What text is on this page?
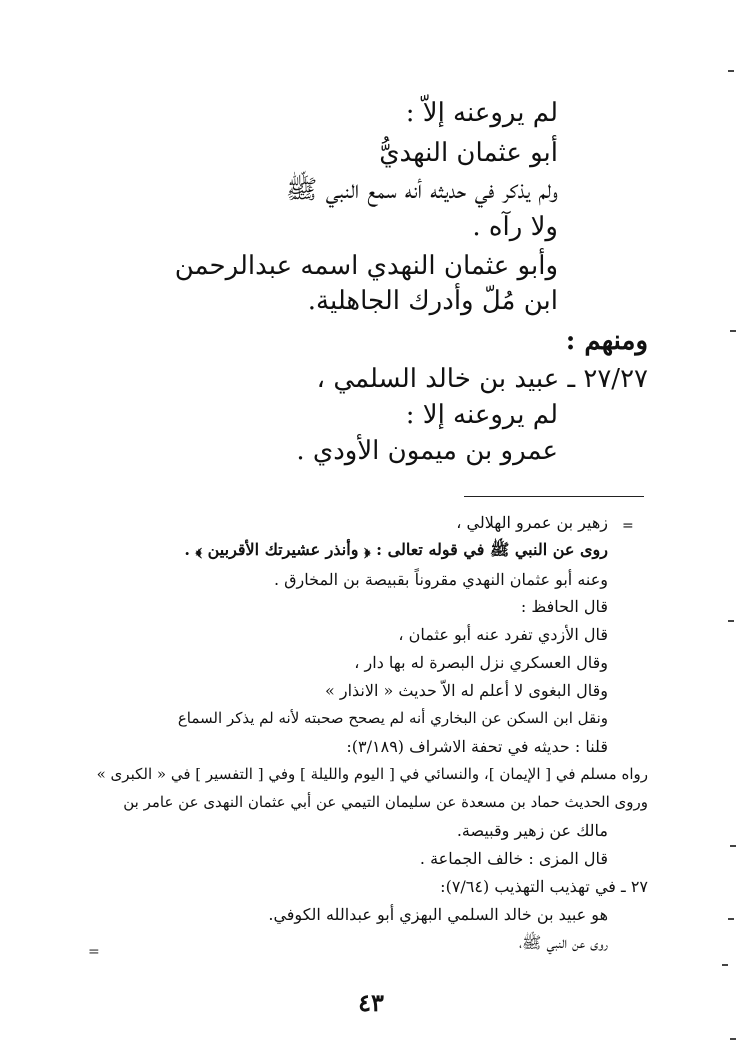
لم يروعنه إلاّ :
أبو عثمان النهديُّ
ولم يذكر في حديثه أنه سمع النبي ﷺ
ولا رآه .
وأبو عثمان النهدي اسمه عبدالرحمن
ابن مُلّ وأدرك الجاهلية.
ومنهم :
٢٧/٢٧ ـ عبيد بن خالد السلمي ،
لم يروعنه إلا :
عمرو بن ميمون الأودي .
=
زهير بن عمرو الهلالي ،
روى عن النبي ﷺ في قوله تعالى : ﴿ وأنذر عشيرتك الأقربين ﴾ .
وعنه أبو عثمان النهدي مقروناً بقبيصة بن المخارق .
قال الحافظ :
قال الأزدي تفرد عنه أبو عثمان ،
وقال العسكري نزل البصرة له بها دار ،
وقال البغوى لا أعلم له الاّ حديث « الانذار »
ونقل ابن السكن عن البخاري أنه لم يصحح صحبته لأنه لم يذكر السماع
قلنا : حديثه في تحفة الاشراف (٣/١٨٩):
رواه مسلم في [ الإيمان ]، والنسائي في [ اليوم والليلة ] وفي [ التفسير ] في « الكبرى »
وروى الحديث حماد بن مسعدة عن سليمان التيمي عن أبي عثمان النهدى عن عامر بن
مالك عن زهير وقبيصة.
قال المزى : خالف الجماعة .
٢٧ ـ في تهذيب التهذيب (٧/٦٤):
هو عبيد بن خالد السلمي البهزي أبو عبدالله الكوفي.
روى عن النبي ﷺ،
=
٤٣
